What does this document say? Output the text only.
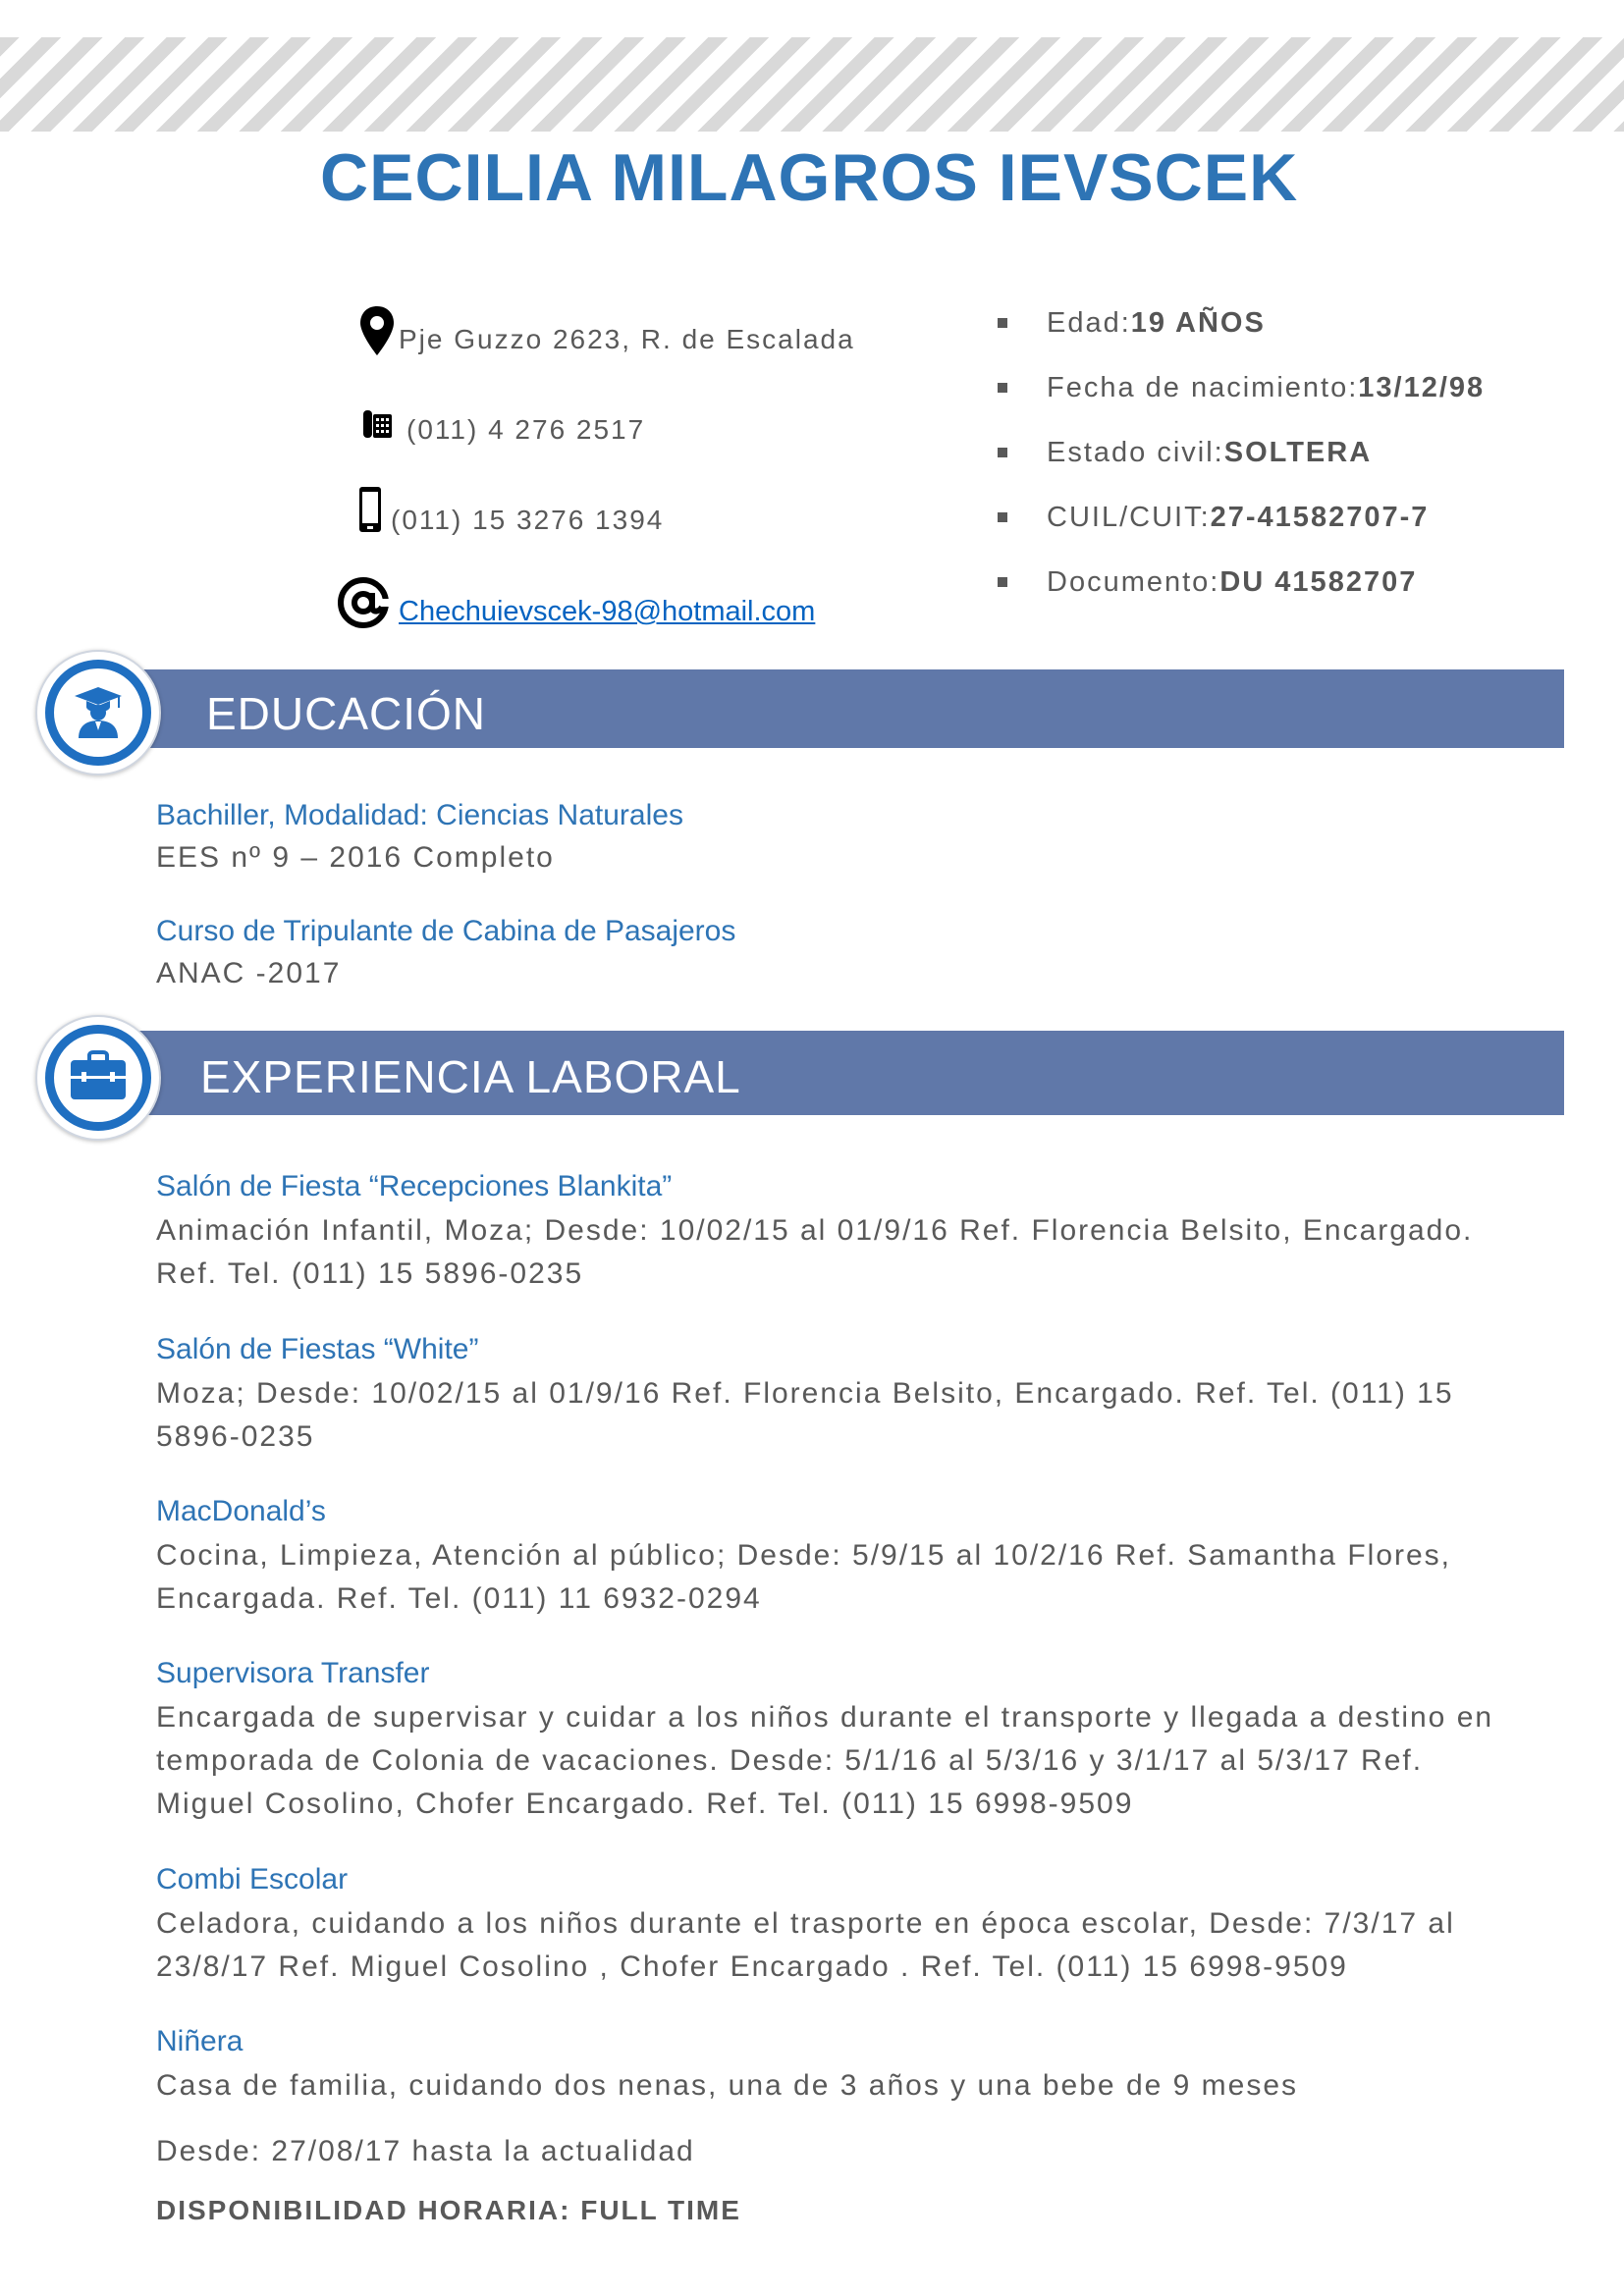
CECILIA MILAGROS IEVSCEK
Pje Guzzo 2623, R. de Escalada
(011) 4 276 2517
(011) 15 3276 1394
Chechuievscek-98@hotmail.com
Edad: 19 AÑOS
Fecha de nacimiento: 13/12/98
Estado civil: SOLTERA
CUIL/CUIT: 27-41582707-7
Documento: DU 41582707
EDUCACIÓN
Bachiller, Modalidad: Ciencias Naturales
EES nº 9 – 2016 Completo
Curso de Tripulante de Cabina de Pasajeros
ANAC -2017
EXPERIENCIA LABORAL
Salón de Fiesta “Recepciones Blankita”
Animación Infantil, Moza; Desde: 10/02/15 al 01/9/16 Ref. Florencia Belsito, Encargado. Ref. Tel. (011) 15 5896-0235
Salón de Fiestas “White”
Moza; Desde: 10/02/15 al 01/9/16 Ref. Florencia Belsito, Encargado. Ref. Tel. (011) 15 5896-0235
MacDonald’s
Cocina, Limpieza, Atención al público; Desde: 5/9/15 al 10/2/16 Ref. Samantha Flores, Encargada. Ref. Tel. (011) 11 6932-0294
Supervisora Transfer
Encargada de supervisar y cuidar a los niños durante el transporte y llegada a destino en temporada de Colonia de vacaciones. Desde: 5/1/16 al 5/3/16 y 3/1/17 al 5/3/17 Ref. Miguel Cosolino, Chofer Encargado. Ref. Tel. (011) 15 6998-9509
Combi Escolar
Celadora, cuidando a los niños durante el trasporte en época escolar, Desde: 7/3/17 al 23/8/17 Ref. Miguel Cosolino , Chofer Encargado . Ref. Tel. (011) 15 6998-9509
Niñera
Casa de familia, cuidando dos nenas, una de 3 años y una bebe de 9 meses
Desde: 27/08/17 hasta la actualidad
DISPONIBILIDAD HORARIA: FULL TIME
